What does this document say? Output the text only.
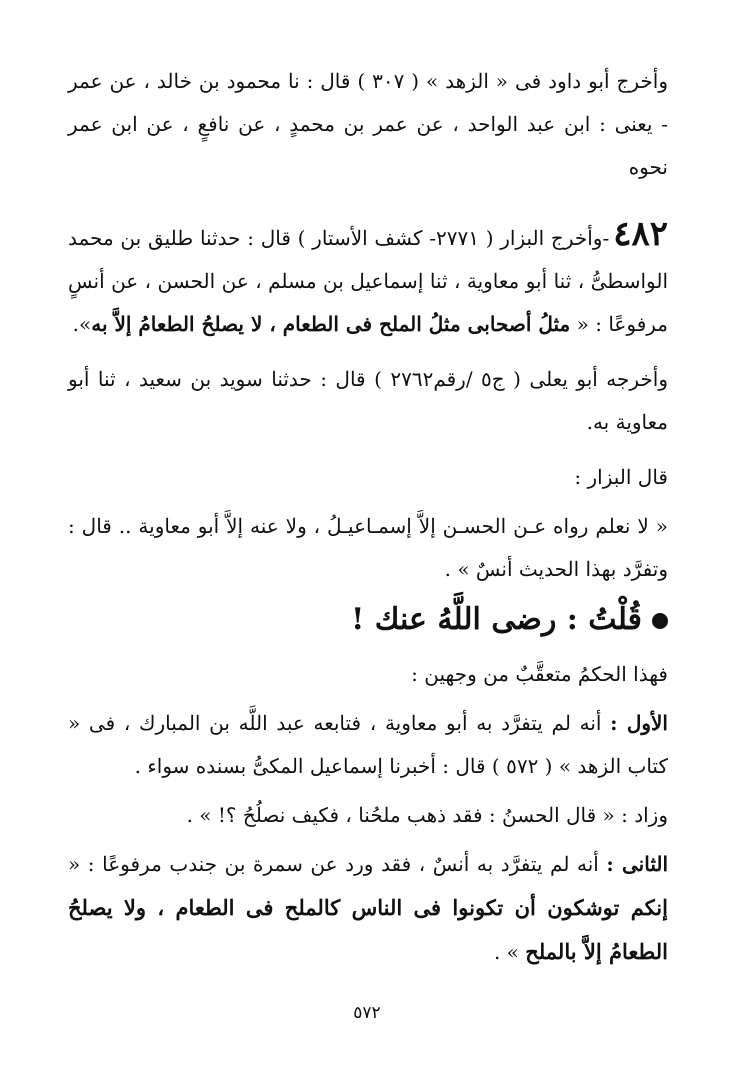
وأخرج أبو داود فى « الزهد » ( ٣٠٧ ) قال : نا محمود بن خالد ، عن عمر - يعنى : ابن عبد الواحد ، عن عمر بن محمدٍ ، عن نافعٍ ، عن ابن عمر نحوه

٤٨٢-وأخرج البزار ( ٢٧٧١- كشف الأستار ) قال : حدثنا طليق بن محمد الواسطىُّ ، ثنا أبو معاوية ، ثنا إسماعيل بن مسلم ، عن الحسن ، عن أنسٍ مرفوعًا : « مثلُ أصحابى مثلُ الملح فى الطعام ، لا يصلحُ الطعامُ إلاَّ به».

وأخرجه أبو يعلى ( ج٥ /رقم٢٧٦٢ ) قال : حدثنا سويد بن سعيد ، ثنا أبو معاوية به.

قال البزار :

« لا نعلم رواه عـن الحسـن إلاَّ إسمـاعيـلُ ، ولا عنه إلاَّ أبو معاوية .. قال : وتفرَّد بهذا الحديث أنسٌ » .

قُلْتُ : رضى اللَّهُ عنك !

فهذا الحكمُ متعقَّبٌ من وجهين :

الأول : أنه لم يتفرَّد به أبو معاوية ، فتابعه عبد اللَّه بن المبارك ، فى « كتاب الزهد » ( ٥٧٢ ) قال : أخبرنا إسماعيل المكىُّ بسنده سواء .

وزاد : « قال الحسنُ : فقد ذهب ملحُنا ، فكيف نصلُحُ ؟! » .

الثانى : أنه لم يتفرَّد به أنسٌ ، فقد ورد عن سمرة بن جندب مرفوعًا : « إنكم توشكون أن تكونوا فى الناس كالملح فى الطعام ، ولا يصلحُ الطعامُ إلاَّ بالملح » .

٥٧٢
